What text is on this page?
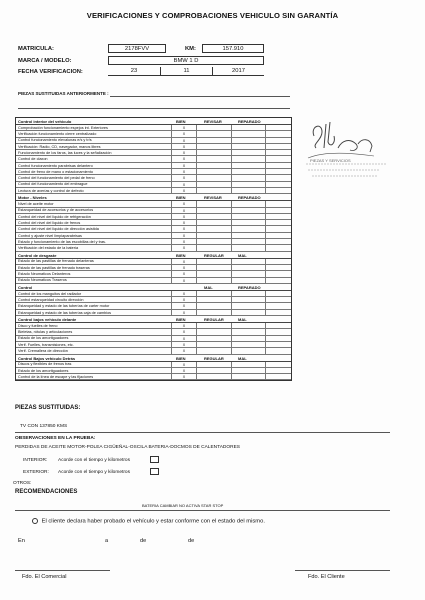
VERIFICACIONES Y COMPROBACIONES VEHICULO SIN GARANTÍA
MATRICULA:	2178FVV	KM:	157.910
MARCA / MODELO:	BMW 1 D
FECHA VERIFICACION:	23	11	2017
PIEZAS SUSTITUIDAS ANTERIORMENTE :
Control interior del vehiculo	BIEN	REVISAR	REPARADO
Comprobación funcionamiento espejos int. Exteriores	X
Verificación funcionamiento cierre centralizado	X
Control funcionamiento elevalunas e/s y tr/s	X
Verificación: Radio, CD, navegador, manos libres	X
Funcionamiento de los faros, las luces y la señalización	X
Control de claxon	X
Control funcionamiento parabrisas delantero	X
Control de freno de mano o estacionamiento	X
Control del funcionamiento del pedal de freno	X
Control del funcionamiento del embrague	X
Lectura de averías y control de defecto	X
Motor - Niveles	BIEN	REVISAR	REPARADO
Nivel de aceite motor	X
Estanqueidad de accesorios y de accesorios	X
Control del nivel del liquido de refrigeración	X
Control del nivel del liquido de frenos	X
Control del nivel del liquido de dirección asistida	X
Control y ajuste nivel limpiaparabrisas	X
Estado y funcionamiento de las escobillas del y tras.	X
Verificación del estado de la batería	X
Control de desgaste	BIEN	REGULAR	MAL
Estado de las pastillas de frenado delanteras	X
Estado de las pastillas de frenado traseras	X
Estado Neumaticos Delanteros	X
Estado Neumaticos Traseros	X
Control	MAL	REPARADO
Control de los manguitos del radiador	X
Control estanqueidad circuito dirección	X
Estanqueidad y estado de las tuberías de carter motor	X
Estanqueidad y estado de las tuberías caja de cambios	X
Control bajos vehículo delante	BIEN	REGULAR	MAL
Disco y fuelles de freno	X
Bieletas, rótulas y articulaciones	X
Estado de los amortiguadores	X
Verif. Fuelles, transmisiones, etc.	X
Verif. Cremallera de dirección	X
Control Bajos vehículo Detrás	BIEN	REGULAR	MAL
Discos y flexibles de frenos tras	X
Estado de los amortiguadores	X
Control de la línea de escape y las fijaciones	X
PIEZAS Y SERVICIOS
PIEZAS SUSTITUIDAS:
TV CON 137850 KMS
OBSERVACIONES EN LA PRUEBA:
PERDIDAS DE ACEITE MOTOR-POLEA CIGÜEÑAL-OSCILA BATERIA-DOCMOS DE CALENTADORES
INTERIOR: Acorde con el tiempo y kilometros
EXTERIOR: Acorde con el tiempo y kilometros
OTROS:
RECOMENDACIONES
BATERIA CAMBIAR NO ACTIVA STAR STOP
El cliente declara haber probado el vehículo y estar conforme con el estado del mismo.
En	a	de	de
Fdo. El Comercial	Fdo. El Cliente
